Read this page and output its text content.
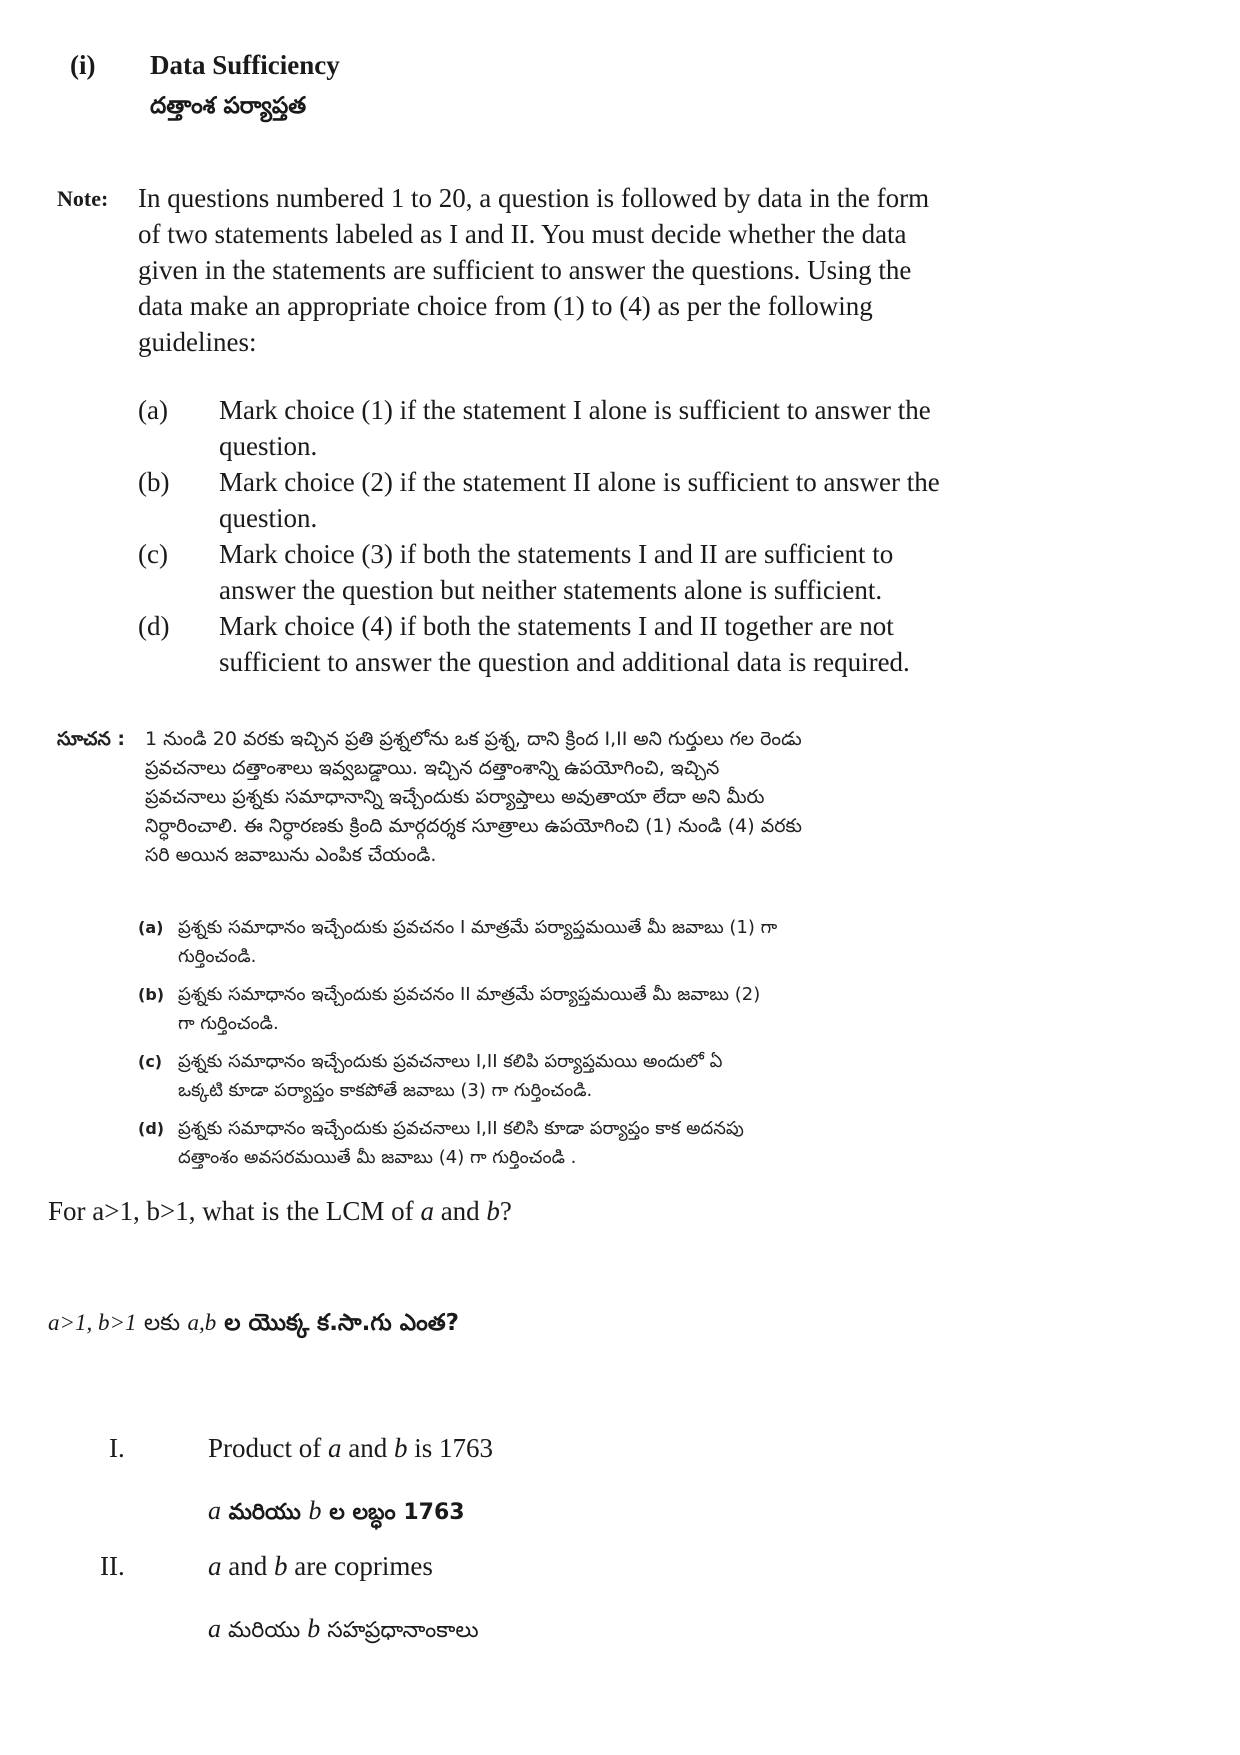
(i) Data Sufficiency
దత్తాంశ పర్యాప్తత
Note: In questions numbered 1 to 20, a question is followed by data in the form
of two statements labeled as I and II. You must decide whether the data
given in the statements are sufficient to answer the questions. Using the
data make an appropriate choice from (1) to (4) as per the following
guidelines:
(a) Mark choice (1) if the statement I alone is sufficient to answer the
question.
(b) Mark choice (2) if the statement II alone is sufficient to answer the
question.
(c) Mark choice (3) if both the statements I and II are sufficient to
answer the question but neither statements alone is sufficient.
(d) Mark choice (4) if both the statements I and II together are not
sufficient to answer the question and additional data is required.
సూచన : 1 నుండి 20 వరకు ఇచ్చిన ప్రతి ప్రశ్నలోను ఒక ప్రశ్న, దాని క్రింద I,II అని గుర్తులు గల రెండు
ప్రవచనాలు దత్తాంశాలు ఇవ్వబడ్డాయి. ఇచ్చిన దత్తాంశాన్ని ఉపయోగించి, ఇచ్చిన
ప్రవచనాలు ప్రశ్నకు సమాధానాన్ని ఇచ్చేందుకు పర్యాప్తాలు అవుతాయా లేదా అని మీరు
నిర్ధారించాలి. ఈ నిర్ధారణకు క్రింది మార్గదర్శక సూత్రాలు ఉపయోగించి (1) నుండి (4) వరకు
సరి అయిన జవాబును ఎంపిక చేయండి.
(a) ప్రశ్నకు సమాధానం ఇచ్చేందుకు ప్రవచనం I మాత్రమే పర్యాప్తమయితే మీ జవాబు (1) గా
గుర్తించండి.
(b) ప్రశ్నకు సమాధానం ఇచ్చేందుకు ప్రవచనం II మాత్రమే పర్యాప్తమయితే మీ జవాబు (2)
గా గుర్తించండి.
(c) ప్రశ్నకు సమాధానం ఇచ్చేందుకు ప్రవచనాలు I,II కలిపి పర్యాప్తమయి అందులో ఏ
ఒక్కటి కూడా పర్యాప్తం కాకపోతే జవాబు (3) గా గుర్తించండి.
(d) ప్రశ్నకు సమాధానం ఇచ్చేందుకు ప్రవచనాలు I,II కలిసి కూడా పర్యాప్తం కాక అదనపు
దత్తాంశం అవసరమయితే మీ జవాబు (4) గా గుర్తించండి .
For a>1, b>1, what is the LCM of a and b?
a>1, b>1 లకు a,b ల యొక్క క.సా.గు ఎంత?
I.	Product of a and b is 1763
a మరియు b ల లబ్ధం 1763
II.	a and b are coprimes
a మరియు b సహప్రధానాంకాలు
